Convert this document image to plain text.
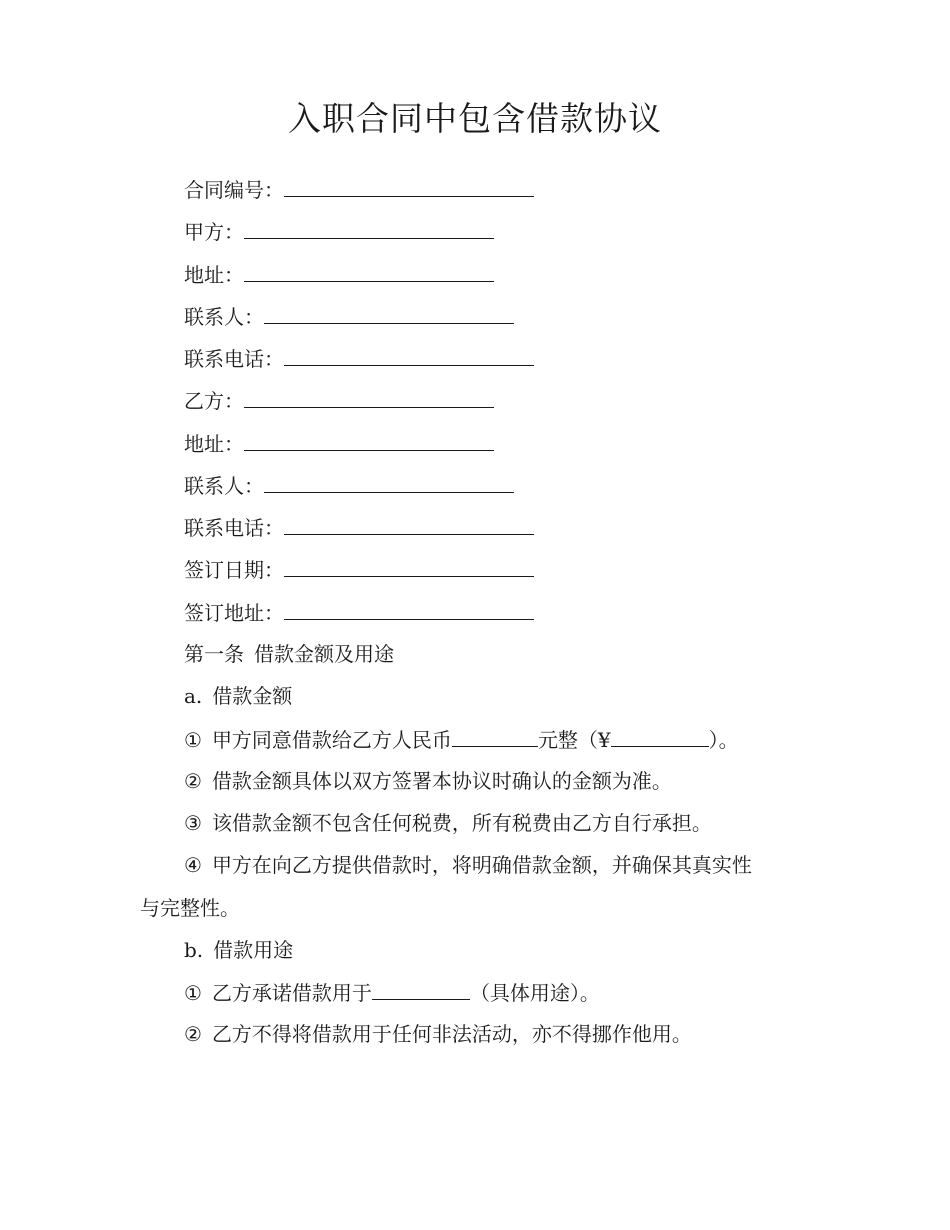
入职合同中包含借款协议
合同编号：
甲方：
地址：
联系人：
联系电话：
乙方：
地址：
联系人：
联系电话：
签订日期：
签订地址：
第一条 借款金额及用途
a. 借款金额
① 甲方同意借款给乙方人民币	元整（¥	）。
② 借款金额具体以双方签署本协议时确认的金额为准。
③ 该借款金额不包含任何税费，所有税费由乙方自行承担。
④ 甲方在向乙方提供借款时，将明确借款金额，并确保其真实性
与完整性。
b. 借款用途
① 乙方承诺借款用于	（具体用途）。
② 乙方不得将借款用于任何非法活动，亦不得挪作他用。
